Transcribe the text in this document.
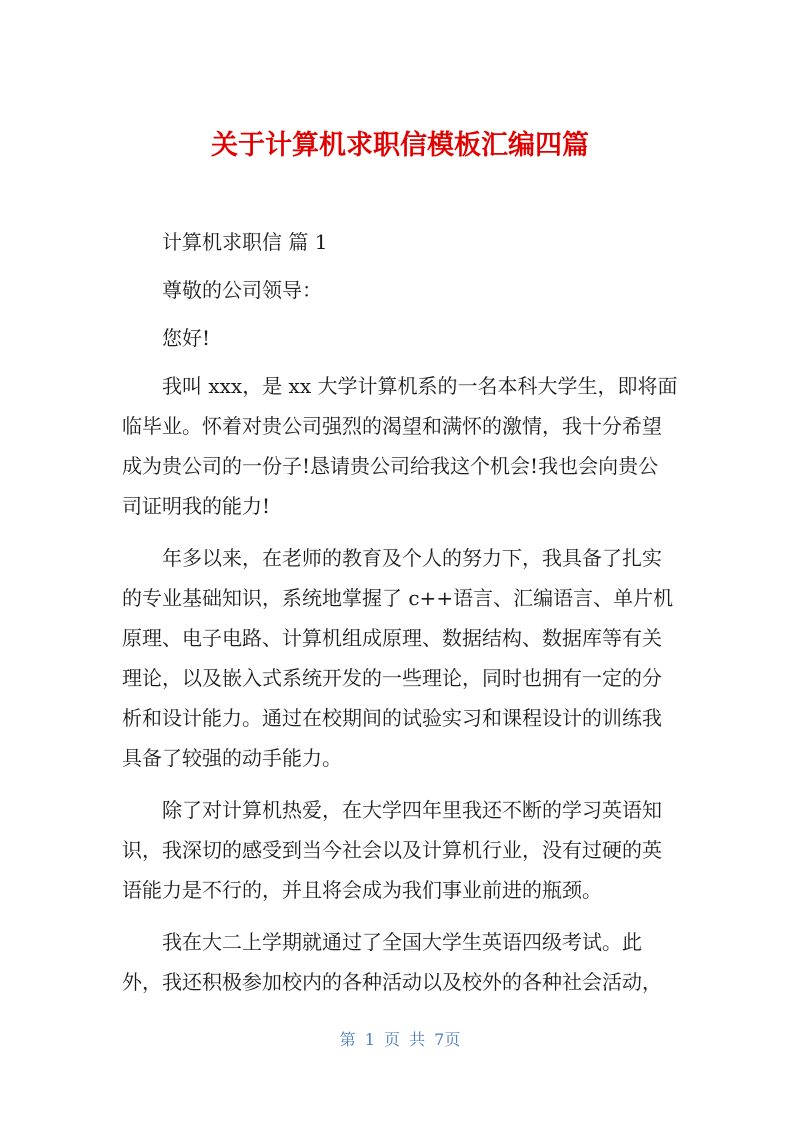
关于计算机求职信模板汇编四篇

计算机求职信 篇 1

尊敬的公司领导：

您好!

我叫 xxx，是 xx 大学计算机系的一名本科大学生，即将面临毕业。怀着对贵公司强烈的渴望和满怀的激情，我十分希望成为贵公司的一份子!恳请贵公司给我这个机会!我也会向贵公司证明我的能力!

年多以来，在老师的教育及个人的努力下，我具备了扎实的专业基础知识，系统地掌握了 c++语言、汇编语言、单片机原理、电子电路、计算机组成原理、数据结构、数据库等有关理论，以及嵌入式系统开发的一些理论，同时也拥有一定的分析和设计能力。通过在校期间的试验实习和课程设计的训练我具备了较强的动手能力。

除了对计算机热爱，在大学四年里我还不断的学习英语知识，我深切的感受到当今社会以及计算机行业，没有过硬的英语能力是不行的，并且将会成为我们事业前进的瓶颈。

我在大二上学期就通过了全国大学生英语四级考试。此外，我还积极参加校内的各种活动以及校外的各种社会活动，

第 1 页 共 7页
